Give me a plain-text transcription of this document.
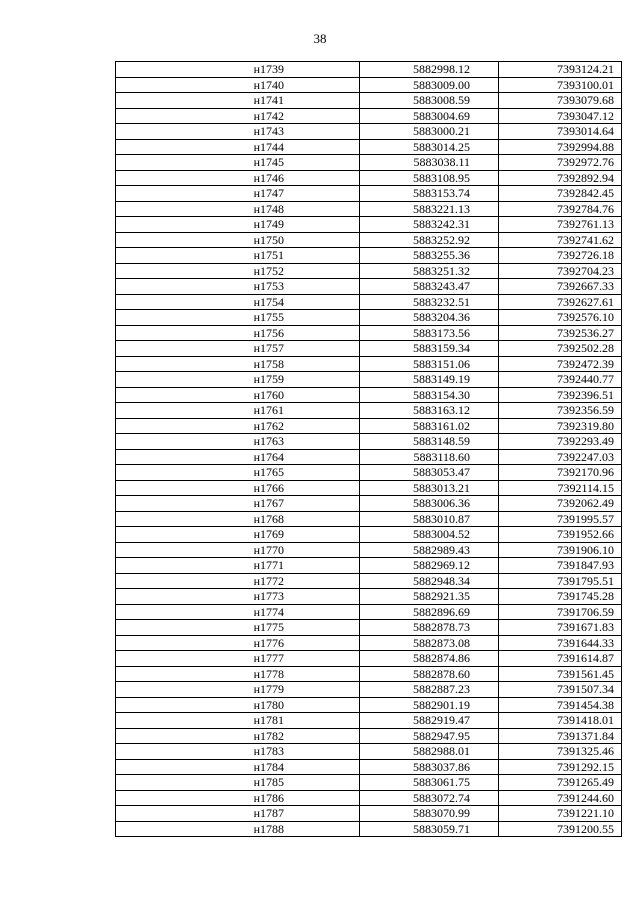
38
н1739	5882998.12	7393124.21
н1740	5883009.00	7393100.01
н1741	5883008.59	7393079.68
н1742	5883004.69	7393047.12
н1743	5883000.21	7393014.64
н1744	5883014.25	7392994.88
н1745	5883038.11	7392972.76
н1746	5883108.95	7392892.94
н1747	5883153.74	7392842.45
н1748	5883221.13	7392784.76
н1749	5883242.31	7392761.13
н1750	5883252.92	7392741.62
н1751	5883255.36	7392726.18
н1752	5883251.32	7392704.23
н1753	5883243.47	7392667.33
н1754	5883232.51	7392627.61
н1755	5883204.36	7392576.10
н1756	5883173.56	7392536.27
н1757	5883159.34	7392502.28
н1758	5883151.06	7392472.39
н1759	5883149.19	7392440.77
н1760	5883154.30	7392396.51
н1761	5883163.12	7392356.59
н1762	5883161.02	7392319.80
н1763	5883148.59	7392293.49
н1764	5883118.60	7392247.03
н1765	5883053.47	7392170.96
н1766	5883013.21	7392114.15
н1767	5883006.36	7392062.49
н1768	5883010.87	7391995.57
н1769	5883004.52	7391952.66
н1770	5882989.43	7391906.10
н1771	5882969.12	7391847.93
н1772	5882948.34	7391795.51
н1773	5882921.35	7391745.28
н1774	5882896.69	7391706.59
н1775	5882878.73	7391671.83
н1776	5882873.08	7391644.33
н1777	5882874.86	7391614.87
н1778	5882878.60	7391561.45
н1779	5882887.23	7391507.34
н1780	5882901.19	7391454.38
н1781	5882919.47	7391418.01
н1782	5882947.95	7391371.84
н1783	5882988.01	7391325.46
н1784	5883037.86	7391292.15
н1785	5883061.75	7391265.49
н1786	5883072.74	7391244.60
н1787	5883070.99	7391221.10
н1788	5883059.71	7391200.55
